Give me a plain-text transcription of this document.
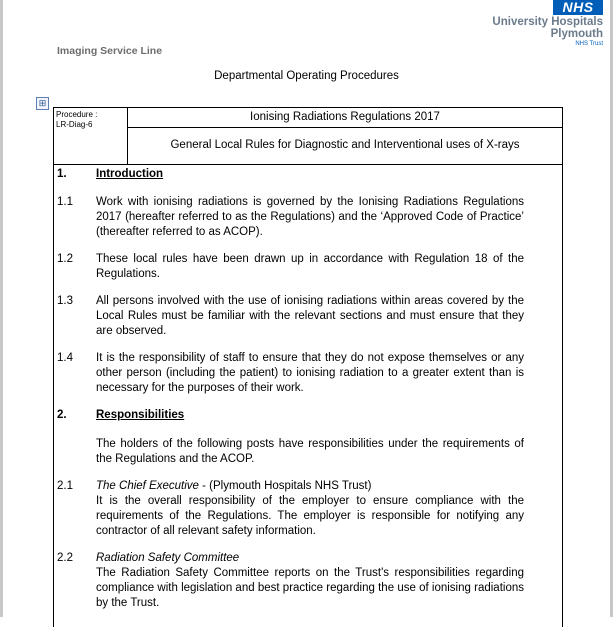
NHS
University Hospitals
Plymouth
NHS Trust
Imaging Service Line
Departmental Operating Procedures
⊞
Procedure :
LR-Diag-6
Ionising Radiations Regulations 2017
General Local Rules for Diagnostic and Interventional uses of X-rays
1.	Introduction
1.1 Work with ionising radiations is governed by the Ionising Radiations Regulations 2017 (hereafter referred to as the Regulations) and the ‘Approved Code of Practice’ (thereafter referred to as ACOP).
1.2 These local rules have been drawn up in accordance with Regulation 18 of the Regulations.
1.3 All persons involved with the use of ionising radiations within areas covered by the Local Rules must be familiar with the relevant sections and must ensure that they are observed.
1.4 It is the responsibility of staff to ensure that they do not expose themselves or any other person (including the patient) to ionising radiation to a greater extent than is necessary for the purposes of their work.
2.	Responsibilities
The holders of the following posts have responsibilities under the requirements of the Regulations and the ACOP.
2.1 The Chief Executive - (Plymouth Hospitals NHS Trust)
It is the overall responsibility of the employer to ensure compliance with the requirements of the Regulations. The employer is responsible for notifying any contractor of all relevant safety information.
2.2 Radiation Safety Committee
The Radiation Safety Committee reports on the Trust's responsibilities regarding compliance with legislation and best practice regarding the use of ionising radiations by the Trust.
